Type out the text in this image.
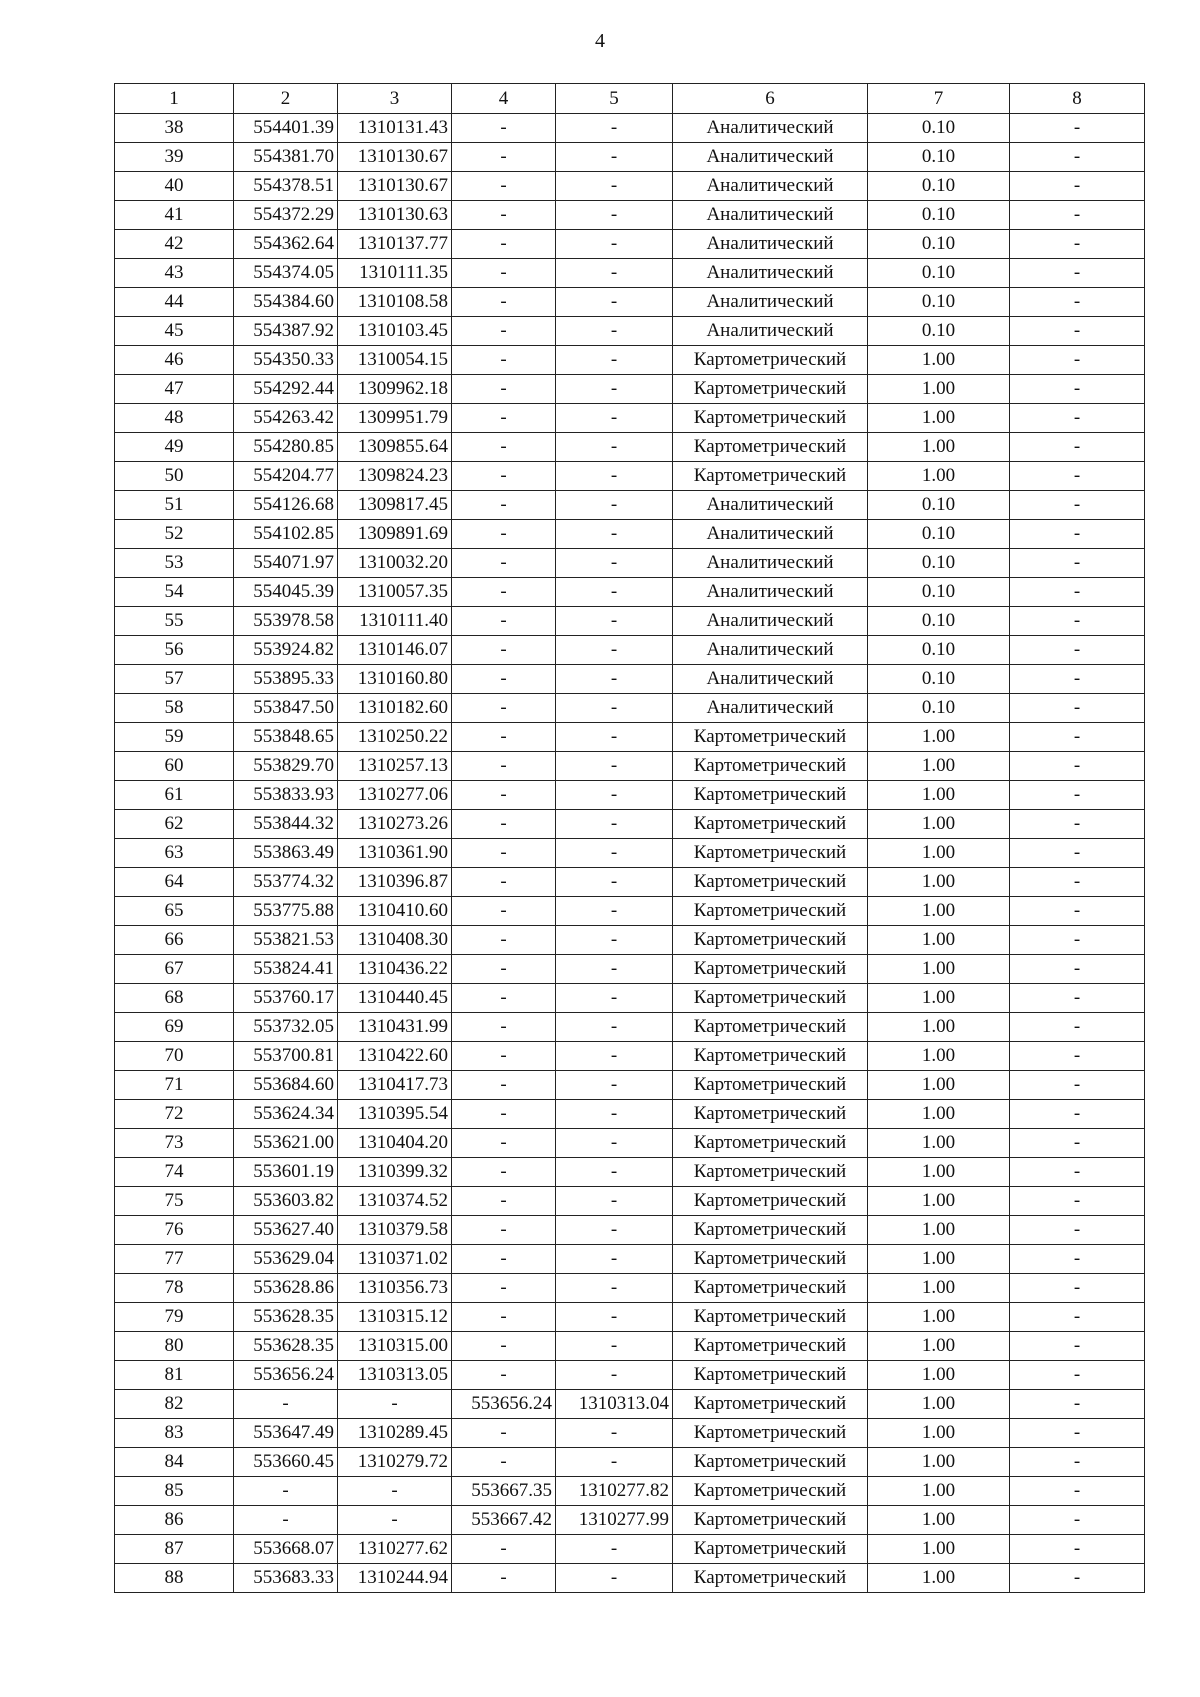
4
1	2	3	4	5	6	7	8
38	554401.39	1310131.43	-	-	Аналитический	0.10	-
39	554381.70	1310130.67	-	-	Аналитический	0.10	-
40	554378.51	1310130.67	-	-	Аналитический	0.10	-
41	554372.29	1310130.63	-	-	Аналитический	0.10	-
42	554362.64	1310137.77	-	-	Аналитический	0.10	-
43	554374.05	1310111.35	-	-	Аналитический	0.10	-
44	554384.60	1310108.58	-	-	Аналитический	0.10	-
45	554387.92	1310103.45	-	-	Аналитический	0.10	-
46	554350.33	1310054.15	-	-	Картометрический	1.00	-
47	554292.44	1309962.18	-	-	Картометрический	1.00	-
48	554263.42	1309951.79	-	-	Картометрический	1.00	-
49	554280.85	1309855.64	-	-	Картометрический	1.00	-
50	554204.77	1309824.23	-	-	Картометрический	1.00	-
51	554126.68	1309817.45	-	-	Аналитический	0.10	-
52	554102.85	1309891.69	-	-	Аналитический	0.10	-
53	554071.97	1310032.20	-	-	Аналитический	0.10	-
54	554045.39	1310057.35	-	-	Аналитический	0.10	-
55	553978.58	1310111.40	-	-	Аналитический	0.10	-
56	553924.82	1310146.07	-	-	Аналитический	0.10	-
57	553895.33	1310160.80	-	-	Аналитический	0.10	-
58	553847.50	1310182.60	-	-	Аналитический	0.10	-
59	553848.65	1310250.22	-	-	Картометрический	1.00	-
60	553829.70	1310257.13	-	-	Картометрический	1.00	-
61	553833.93	1310277.06	-	-	Картометрический	1.00	-
62	553844.32	1310273.26	-	-	Картометрический	1.00	-
63	553863.49	1310361.90	-	-	Картометрический	1.00	-
64	553774.32	1310396.87	-	-	Картометрический	1.00	-
65	553775.88	1310410.60	-	-	Картометрический	1.00	-
66	553821.53	1310408.30	-	-	Картометрический	1.00	-
67	553824.41	1310436.22	-	-	Картометрический	1.00	-
68	553760.17	1310440.45	-	-	Картометрический	1.00	-
69	553732.05	1310431.99	-	-	Картометрический	1.00	-
70	553700.81	1310422.60	-	-	Картометрический	1.00	-
71	553684.60	1310417.73	-	-	Картометрический	1.00	-
72	553624.34	1310395.54	-	-	Картометрический	1.00	-
73	553621.00	1310404.20	-	-	Картометрический	1.00	-
74	553601.19	1310399.32	-	-	Картометрический	1.00	-
75	553603.82	1310374.52	-	-	Картометрический	1.00	-
76	553627.40	1310379.58	-	-	Картометрический	1.00	-
77	553629.04	1310371.02	-	-	Картометрический	1.00	-
78	553628.86	1310356.73	-	-	Картометрический	1.00	-
79	553628.35	1310315.12	-	-	Картометрический	1.00	-
80	553628.35	1310315.00	-	-	Картометрический	1.00	-
81	553656.24	1310313.05	-	-	Картометрический	1.00	-
82	-	-	553656.24	1310313.04	Картометрический	1.00	-
83	553647.49	1310289.45	-	-	Картометрический	1.00	-
84	553660.45	1310279.72	-	-	Картометрический	1.00	-
85	-	-	553667.35	1310277.82	Картометрический	1.00	-
86	-	-	553667.42	1310277.99	Картометрический	1.00	-
87	553668.07	1310277.62	-	-	Картометрический	1.00	-
88	553683.33	1310244.94	-	-	Картометрический	1.00	-
